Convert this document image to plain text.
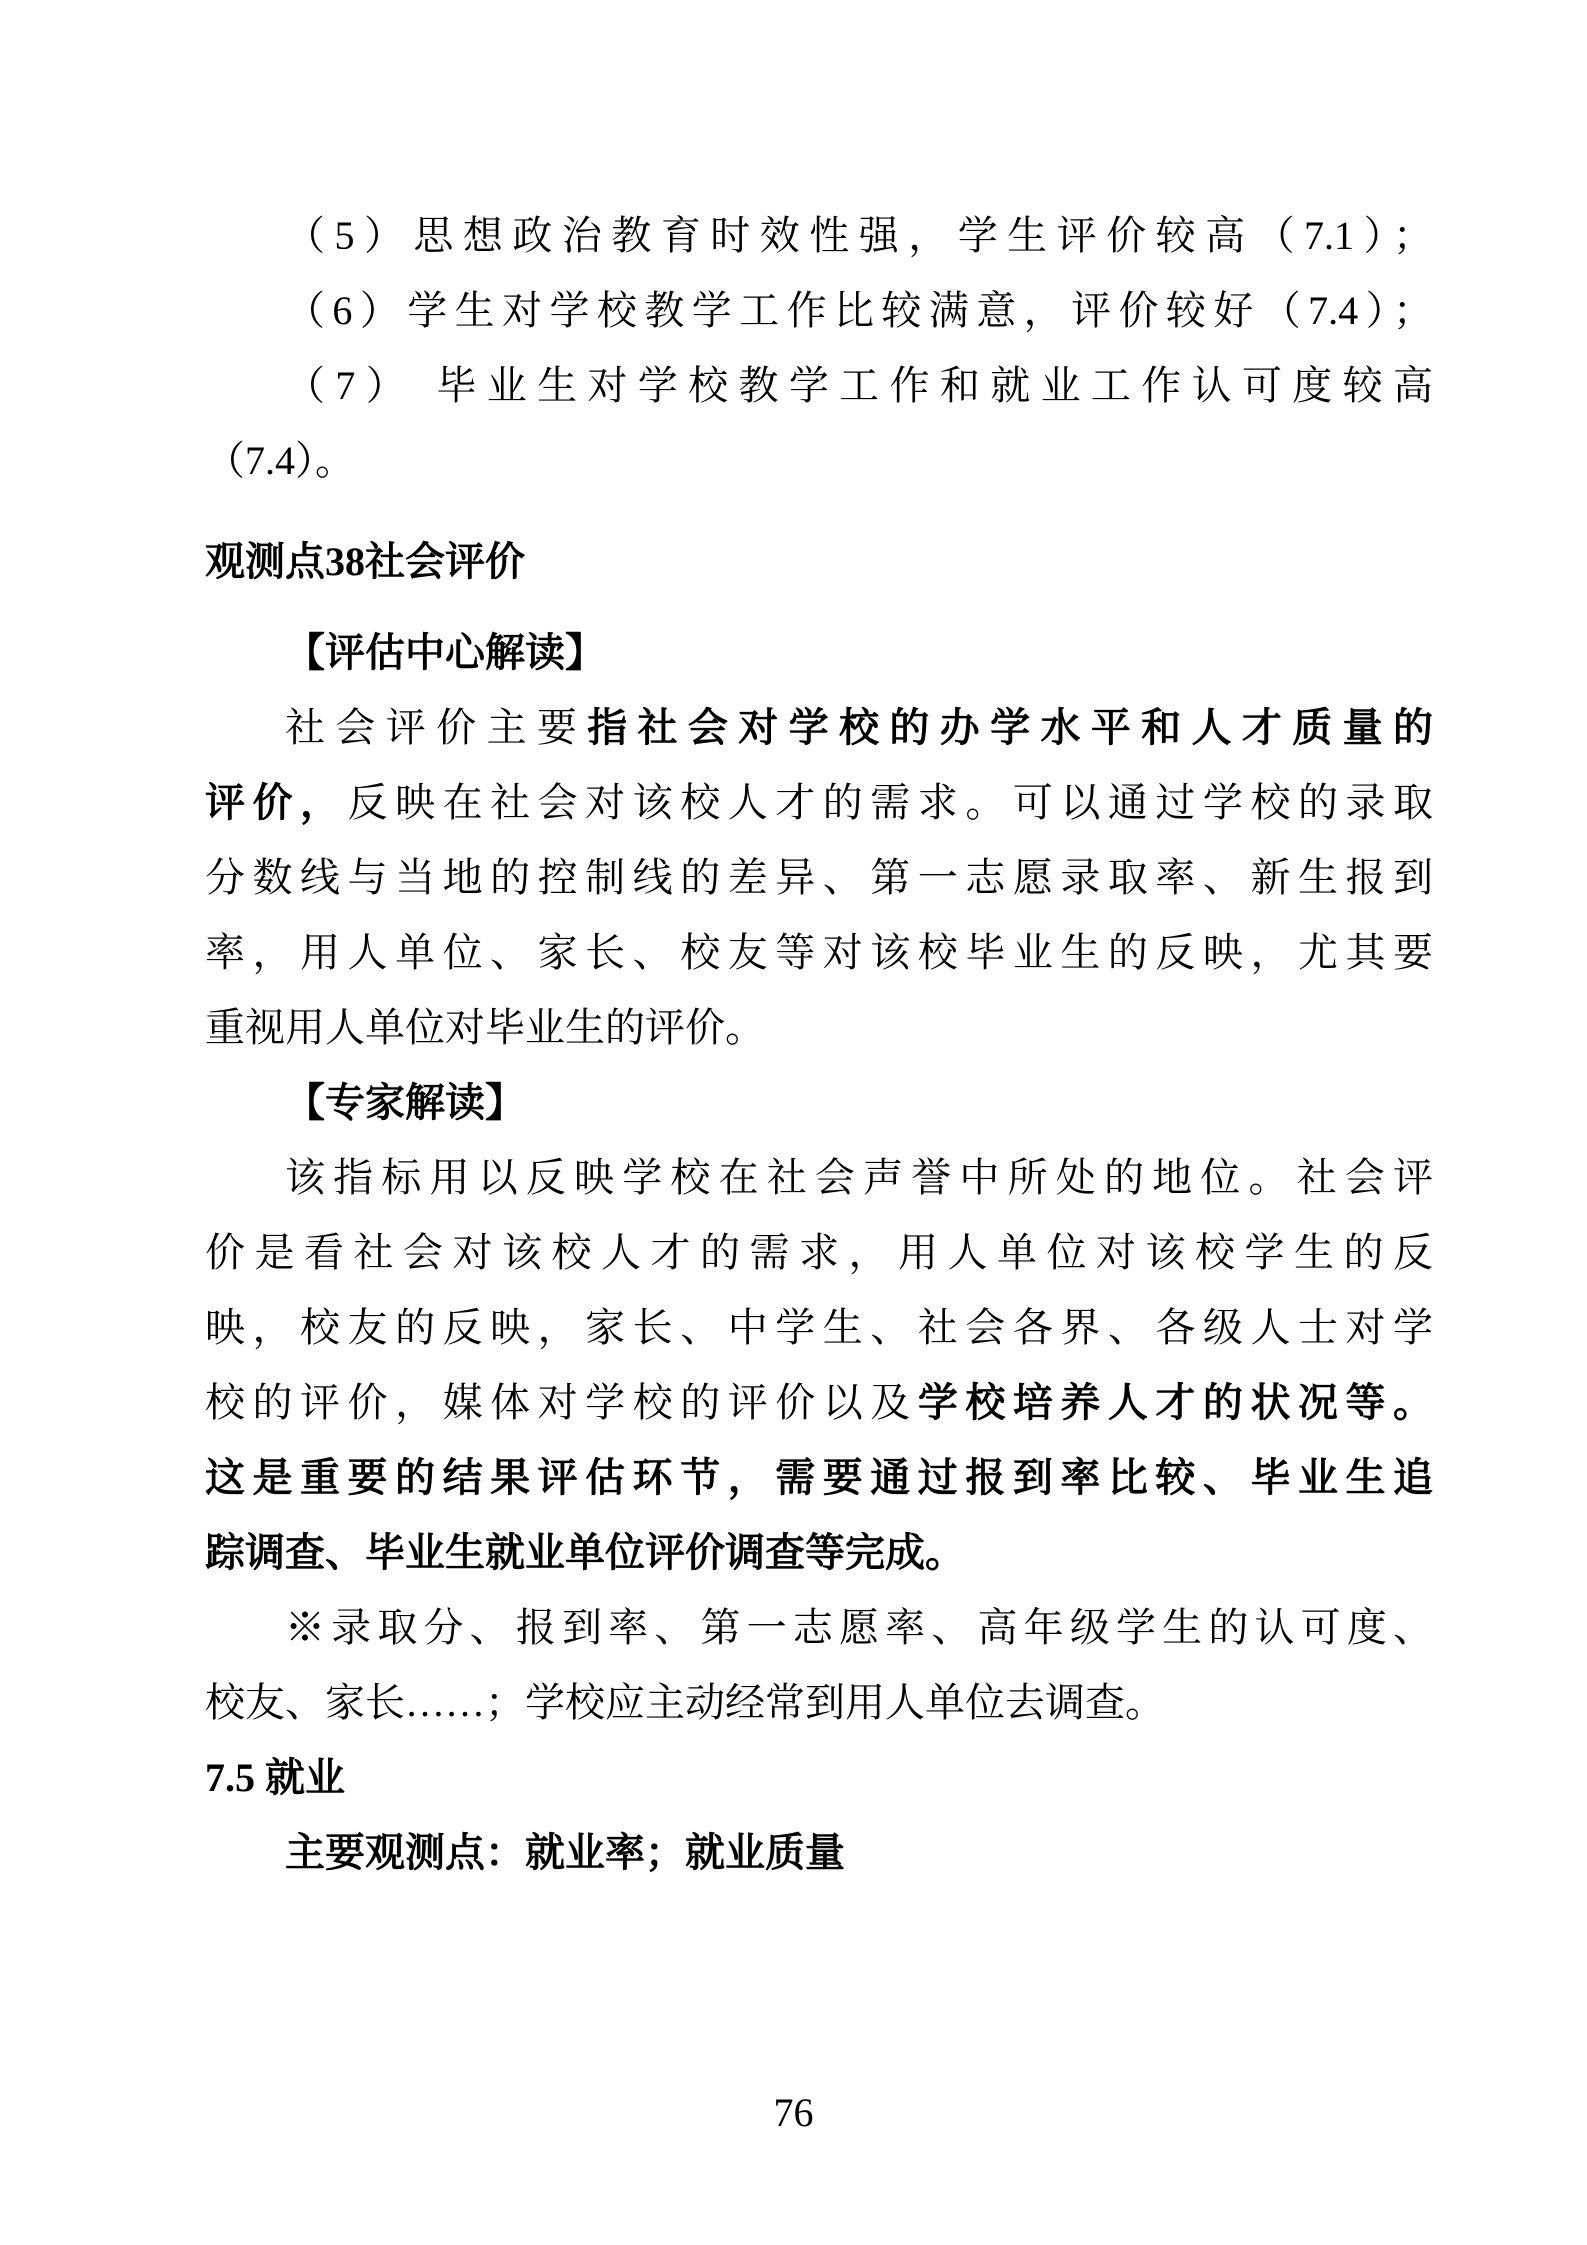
（5）思想政治教育时效性强，学生评价较高（7.1）；
（6）学生对学校教学工作比较满意，评价较好（7.4）；
（7） 毕业生对学校教学工作和就业工作认可度较高
（7.4）。
观测点38社会评价
【评估中心解读】
社会评价主要指社会对学校的办学水平和人才质量的
评价，反映在社会对该校人才的需求。可以通过学校的录取
分数线与当地的控制线的差异、第一志愿录取率、新生报到
率，用人单位、家长、校友等对该校毕业生的反映，尤其要
重视用人单位对毕业生的评价。
【专家解读】
该指标用以反映学校在社会声誉中所处的地位。社会评
价是看社会对该校人才的需求，用人单位对该校学生的反
映，校友的反映，家长、中学生、社会各界、各级人士对学
校的评价，媒体对学校的评价以及学校培养人才的状况等。
这是重要的结果评估环节，需要通过报到率比较、毕业生追
踪调查、毕业生就业单位评价调查等完成。
※录取分、报到率、第一志愿率、高年级学生的认可度、
校友、家长……；学校应主动经常到用人单位去调查。
7.5 就业
主要观测点：就业率；就业质量
76
